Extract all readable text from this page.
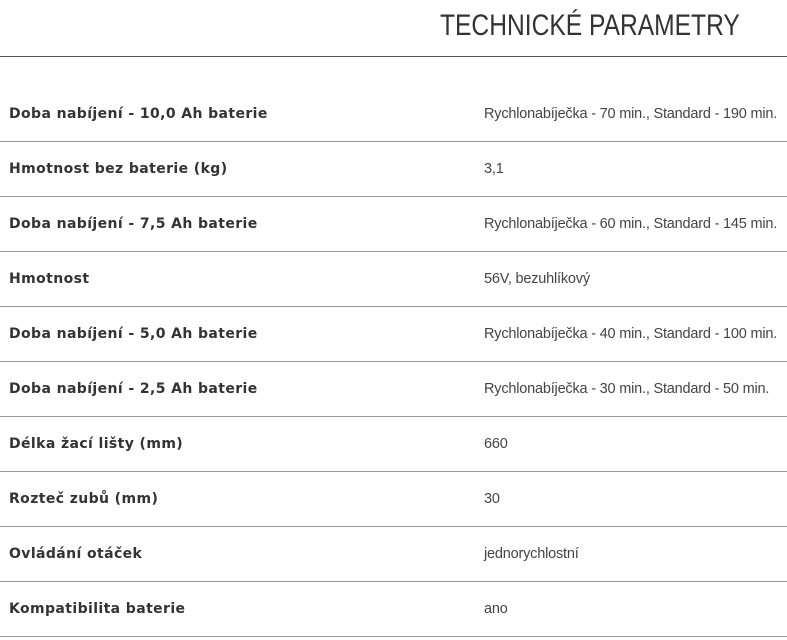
TECHNICKÉ PARAMETRY
Doba nabíjení - 10,0 Ah baterie	Rychlonabíječka - 70 min., Standard - 190 min.
Hmotnost bez baterie (kg)	3,1
Doba nabíjení - 7,5 Ah baterie	Rychlonabíječka - 60 min., Standard - 145 min.
Hmotnost	56V, bezuhlíkový
Doba nabíjení - 5,0 Ah baterie	Rychlonabíječka - 40 min., Standard - 100 min.
Doba nabíjení - 2,5 Ah baterie	Rychlonabíječka - 30 min., Standard - 50 min.
Délka žací lišty (mm)	660
Rozteč zubů (mm)	30
Ovládání otáček	jednorychlostní
Kompatibilita baterie	ano
